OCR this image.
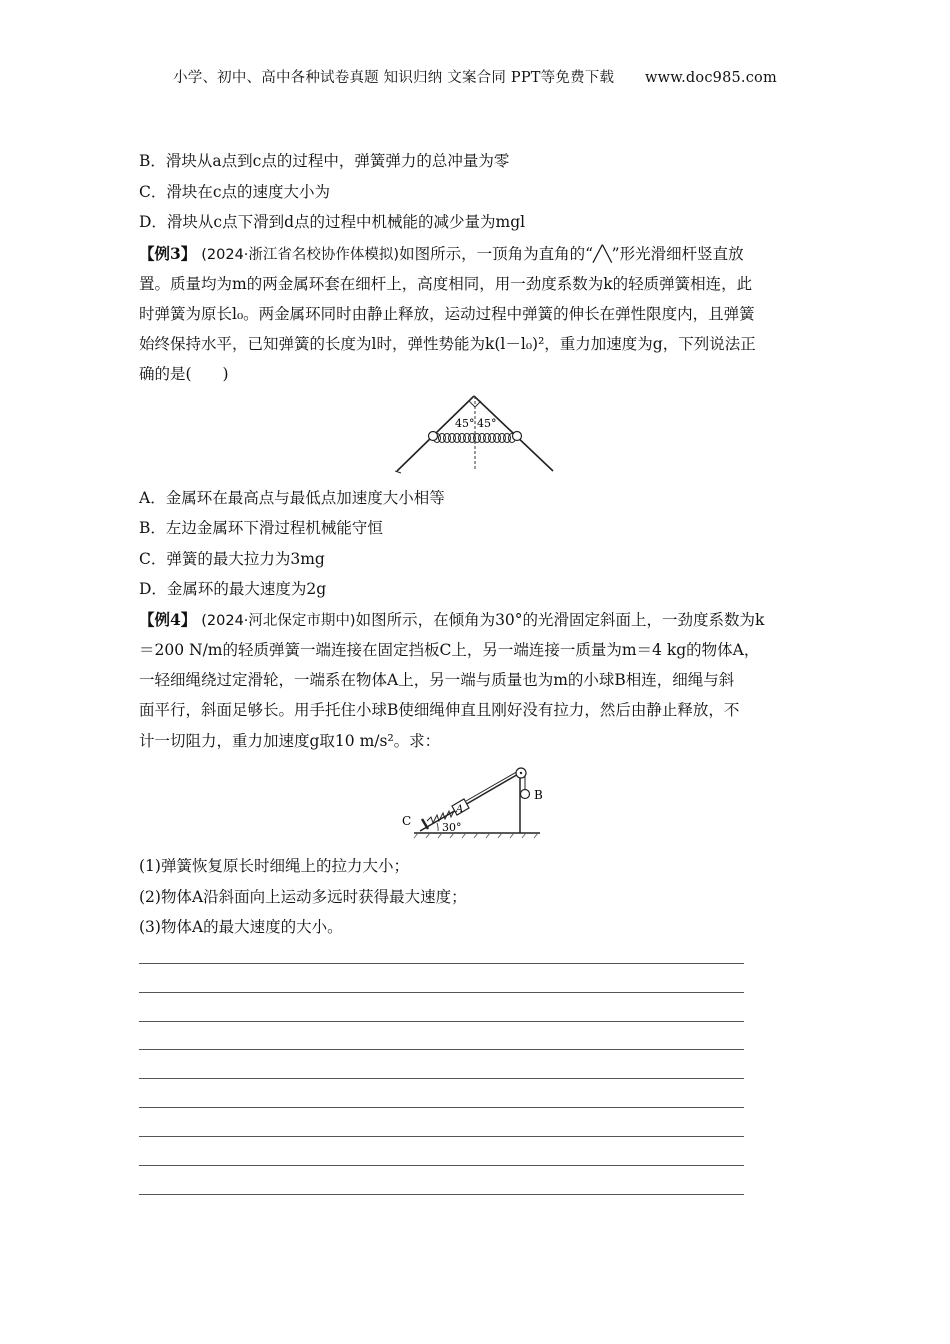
小学、初中、高中各种试卷真题 知识归纳 文案合同 PPT等免费下载 www.doc985.com
B．滑块从a点到c点的过程中，弹簧弹力的总冲量为零
C．滑块在c点的速度大小为
D．滑块从c点下滑到d点的过程中机械能的减少量为mgl
【例3】 (2024·浙江省名校协作体模拟)如图所示，一顶角为直角的“╱╲”形光滑细杆竖直放
置。质量均为m的两金属环套在细杆上，高度相同，用一劲度系数为k的轻质弹簧相连，此
时弹簧为原长l₀。两金属环同时由静止释放，运动过程中弹簧的伸长在弹性限度内，且弹簧
始终保持水平，已知弹簧的长度为l时，弹性势能为k(l－l₀)²，重力加速度为g，下列说法正
确的是(　　)
45° 45°
A．金属环在最高点与最低点加速度大小相等
B．左边金属环下滑过程机械能守恒
C．弹簧的最大拉力为3mg
D．金属环的最大速度为2g
【例4】 (2024·河北保定市期中)如图所示，在倾角为30°的光滑固定斜面上，一劲度系数为k
＝200 N/m的轻质弹簧一端连接在固定挡板C上，另一端连接一质量为m＝4 kg的物体A，
一轻细绳绕过定滑轮，一端系在物体A上，另一端与质量也为m的小球B相连，细绳与斜
面平行，斜面足够长。用手托住小球B使细绳伸直且刚好没有拉力，然后由静止释放，不
计一切阻力，重力加速度g取10 m/s²。求：
C
A
B
30°
(1)弹簧恢复原长时细绳上的拉力大小；
(2)物体A沿斜面向上运动多远时获得最大速度；
(3)物体A的最大速度的大小。
